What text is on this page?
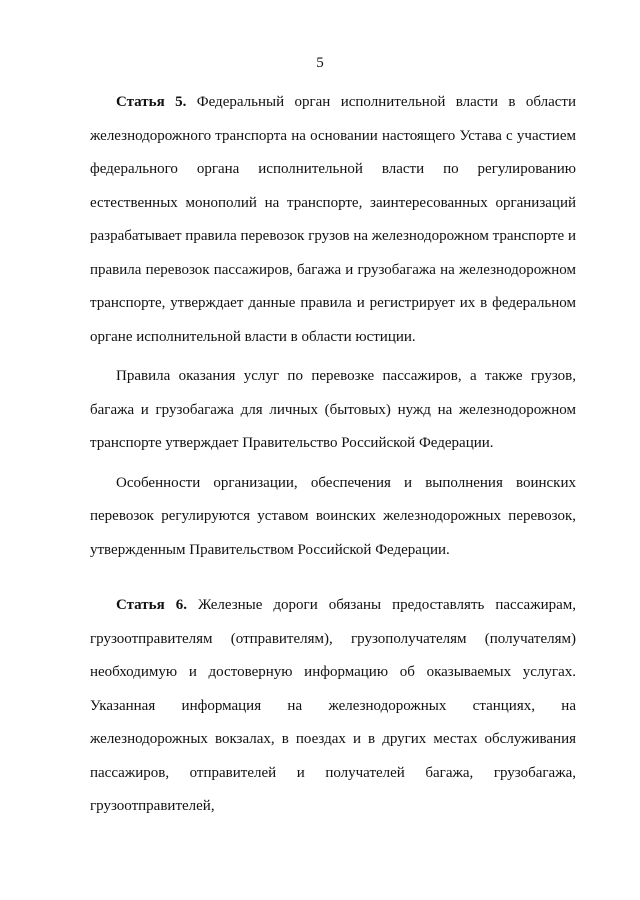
5

Статья 5. Федеральный орган исполнительной власти в области железнодорожного транспорта на основании настоящего Устава с участием федерального органа исполнительной власти по регулированию естественных монополий на транспорте, заинтересованных организаций разрабатывает правила перевозок грузов на железнодорожном транспорте и правила перевозок пассажиров, багажа и грузобагажа на железнодорожном транспорте, утверждает данные правила и регистрирует их в федеральном органе исполнительной власти в области юстиции.

Правила оказания услуг по перевозке пассажиров, а также грузов, багажа и грузобагажа для личных (бытовых) нужд на железнодорожном транспорте утверждает Правительство Российской Федерации.

Особенности организации, обеспечения и выполнения воинских перевозок регулируются уставом воинских железнодорожных перевозок, утвержденным Правительством Российской Федерации.

Статья 6. Железные дороги обязаны предоставлять пассажирам, грузоотправителям (отправителям), грузополучателям (получателям) необходимую и достоверную информацию об оказываемых услугах. Указанная информация на железнодорожных станциях, на железнодорожных вокзалах, в поездах и в других местах обслуживания пассажиров, отправителей и получателей багажа, грузобагажа, грузоотправителей,
